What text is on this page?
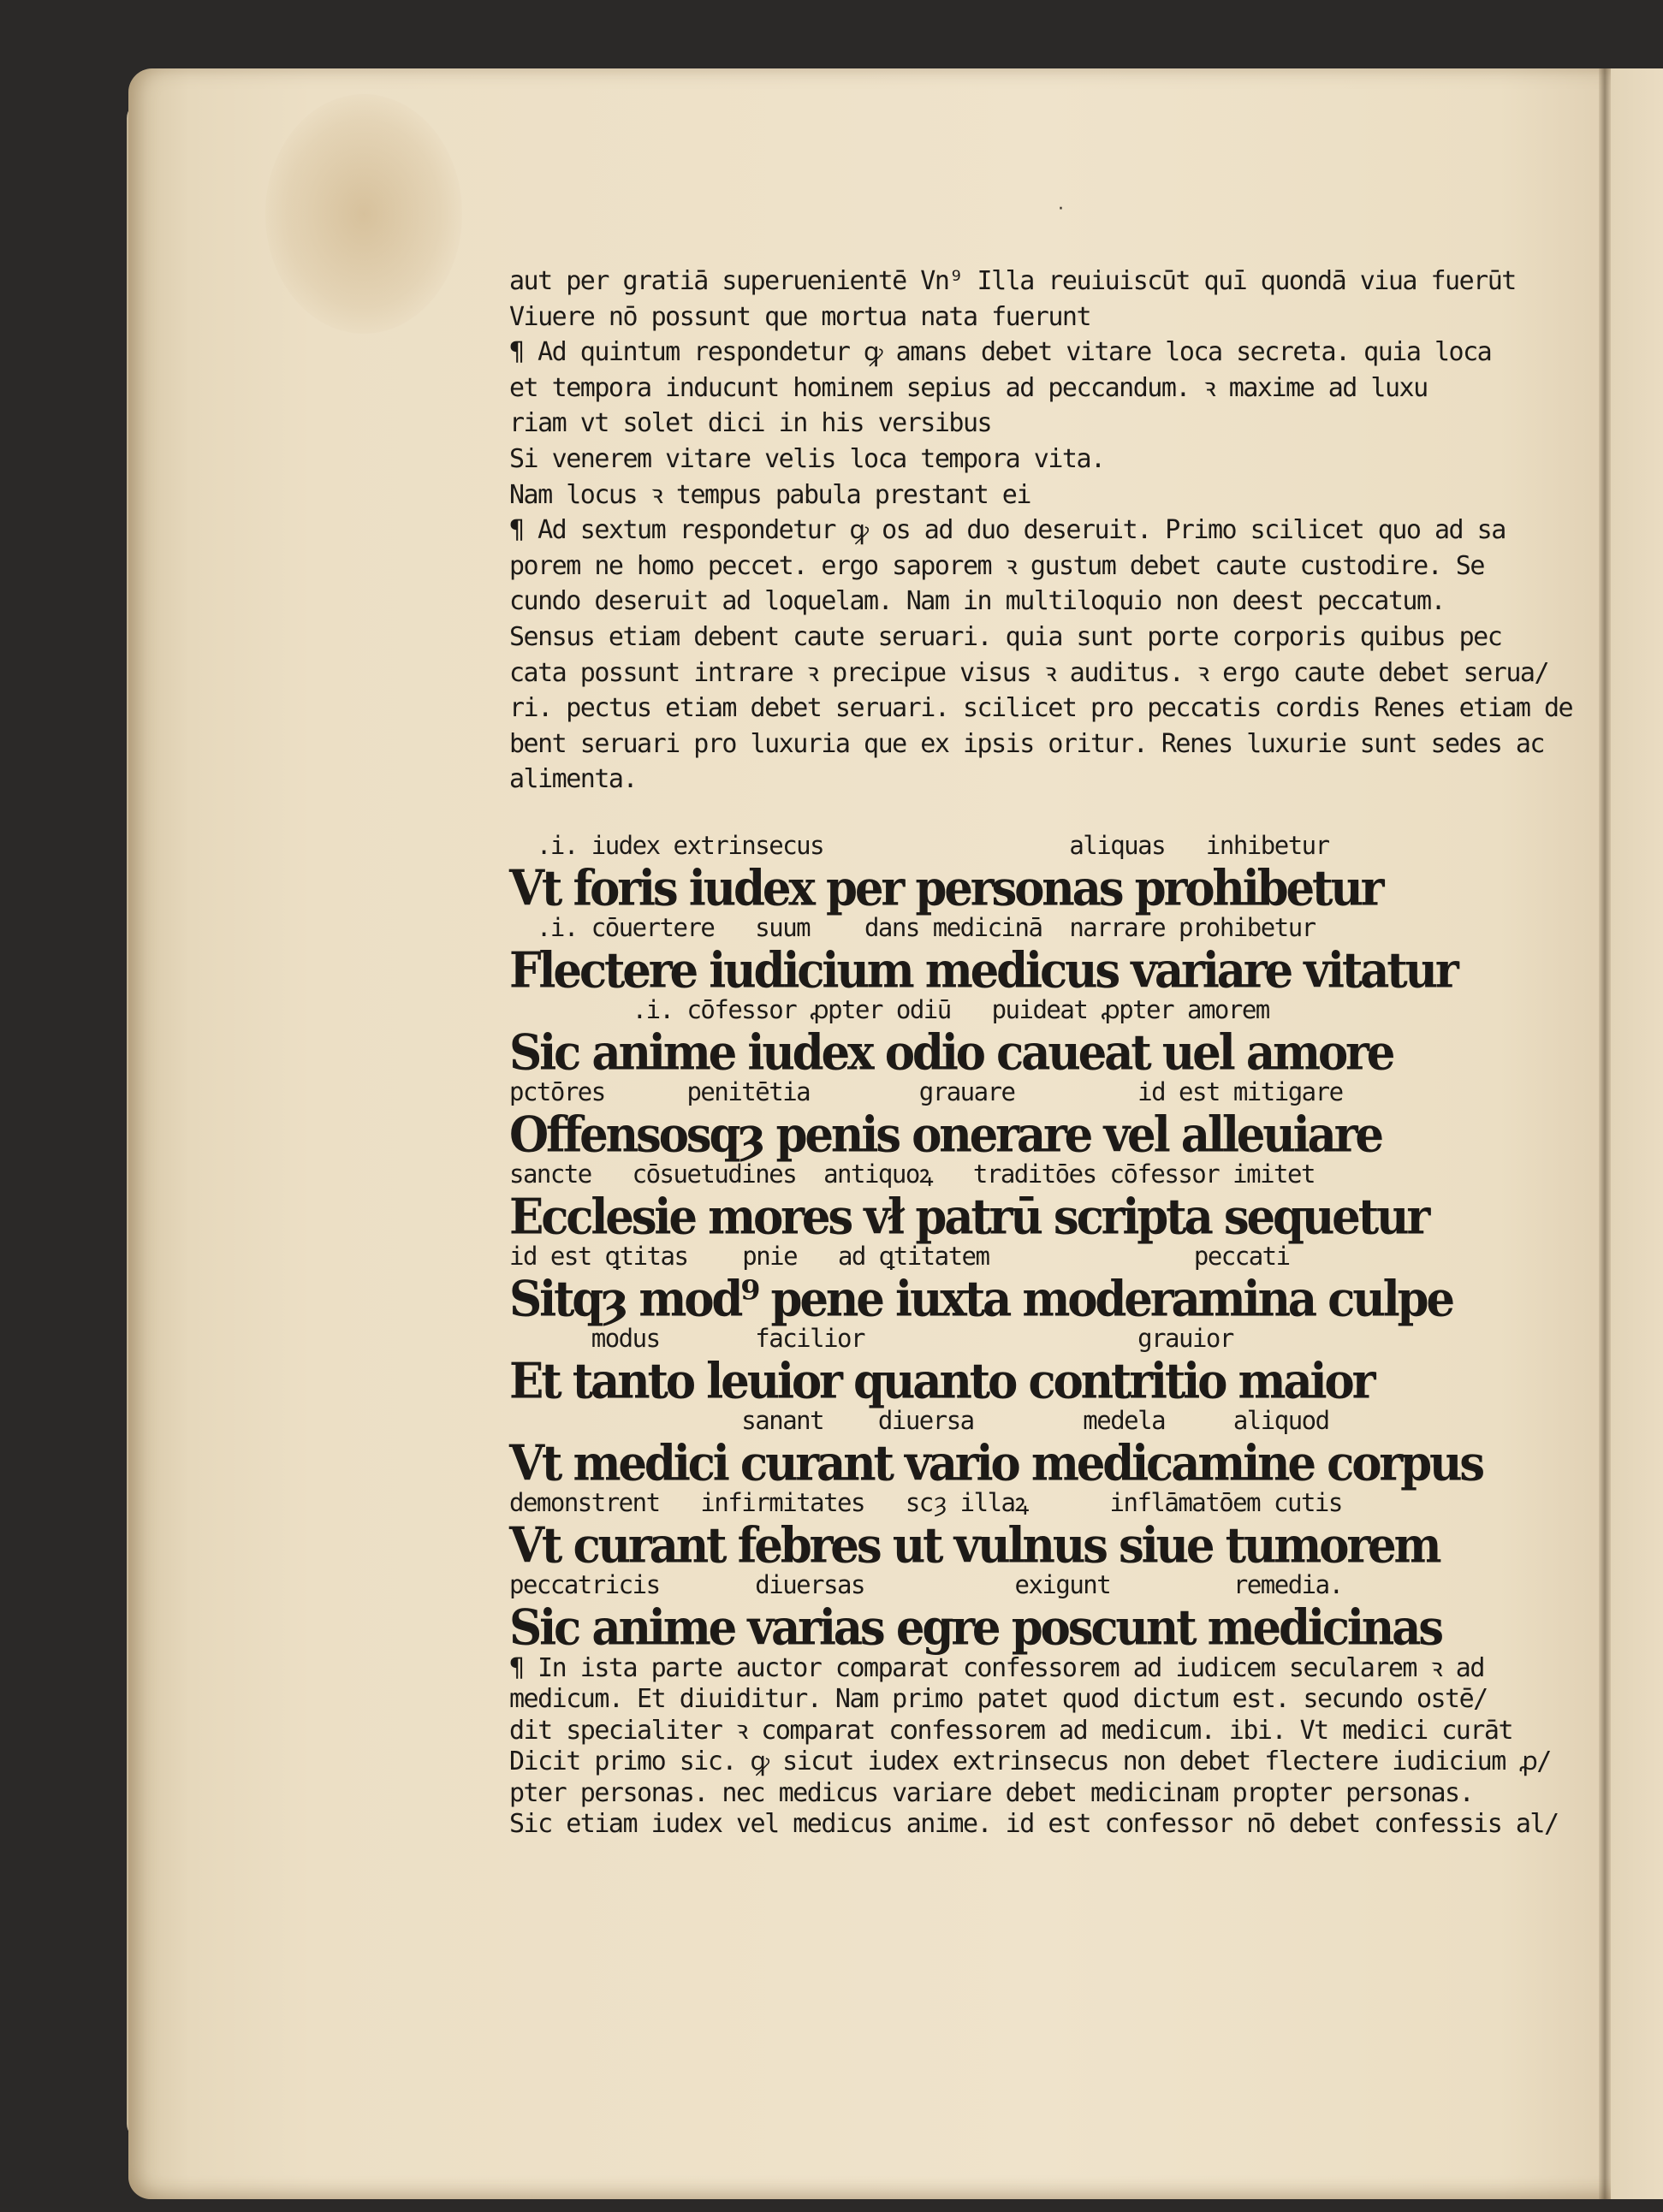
·
aut per gratiā superuenientē Vn⁹ Illa reuiuiscūt quī quondā viua fuerūt
Viuere nō possunt que mortua nata fuerunt
¶ Ad quintum respondetur ꝙ amans debet vitare loca secreta. quia loca
et tempora inducunt hominem sepius ad peccandum. ꝛ maxime ad luxu
riam vt solet dici in his versibus
Si venerem vitare velis loca tempora vita.
Nam locus ꝛ tempus pabula prestant ei
¶ Ad sextum respondetur ꝙ os ad duo deseruit. Primo scilicet quo ad sa
porem ne homo peccet. ergo saporem ꝛ gustum debet caute custodire. Se
cundo deseruit ad loquelam. Nam in multiloquio non deest peccatum.
Sensus etiam debent caute seruari. quia sunt porte corporis quibus pec
cata possunt intrare ꝛ precipue visus ꝛ auditus. ꝛ ergo caute debet serua/
ri. pectus etiam debet seruari. scilicet pro peccatis cordis Renes etiam de
bent seruari pro luxuria que ex ipsis oritur. Renes luxurie sunt sedes ac
alimenta.
.i. iudex extrinsecus                  aliquas   inhibetur
Vt foris iudex per personas prohibetur
.i. cōuertere   suum    dans medicinā  narrare prohibetur
Flectere iudicium medicus variare vitatur
.i. cōfessor ꝓpter odiū   puideat ꝓpter amorem
Sic anime iudex odio caueat uel amore
pctōres      penitētia        grauare         id est mitigare
Offensosqȝ penis onerare vel alleuiare
sancte   cōsuetudines  antiquoꝝ   traditōes cōfessor imitet
Ecclesie mores vł patrū scripta sequetur
id est ꝗtitas    pnie   ad ꝗtitatem               peccati
Sitqȝ mod⁹ pene iuxta moderamina culpe
modus       facilior                    grauior
Et tanto leuior quanto contritio maior
sanant    diuersa        medela     aliquod
Vt medici curant vario medicamine corpus
demonstrent   infirmitates   scȝ illaꝝ      inflāmatōem cutis
Vt curant febres ut vulnus siue tumorem
peccatricis       diuersas           exigunt         remedia.
Sic anime varias egre poscunt medicinas
¶ In ista parte auctor comparat confessorem ad iudicem secularem ꝛ ad
medicum. Et diuiditur. Nam primo patet quod dictum est. secundo ostē/
dit specialiter ꝛ comparat confessorem ad medicum. ibi. Vt medici curāt
Dicit primo sic. ꝙ sicut iudex extrinsecus non debet flectere iudicium ꝓ/
pter personas. nec medicus variare debet medicinam propter personas.
Sic etiam iudex vel medicus anime. id est confessor nō debet confessis al/
